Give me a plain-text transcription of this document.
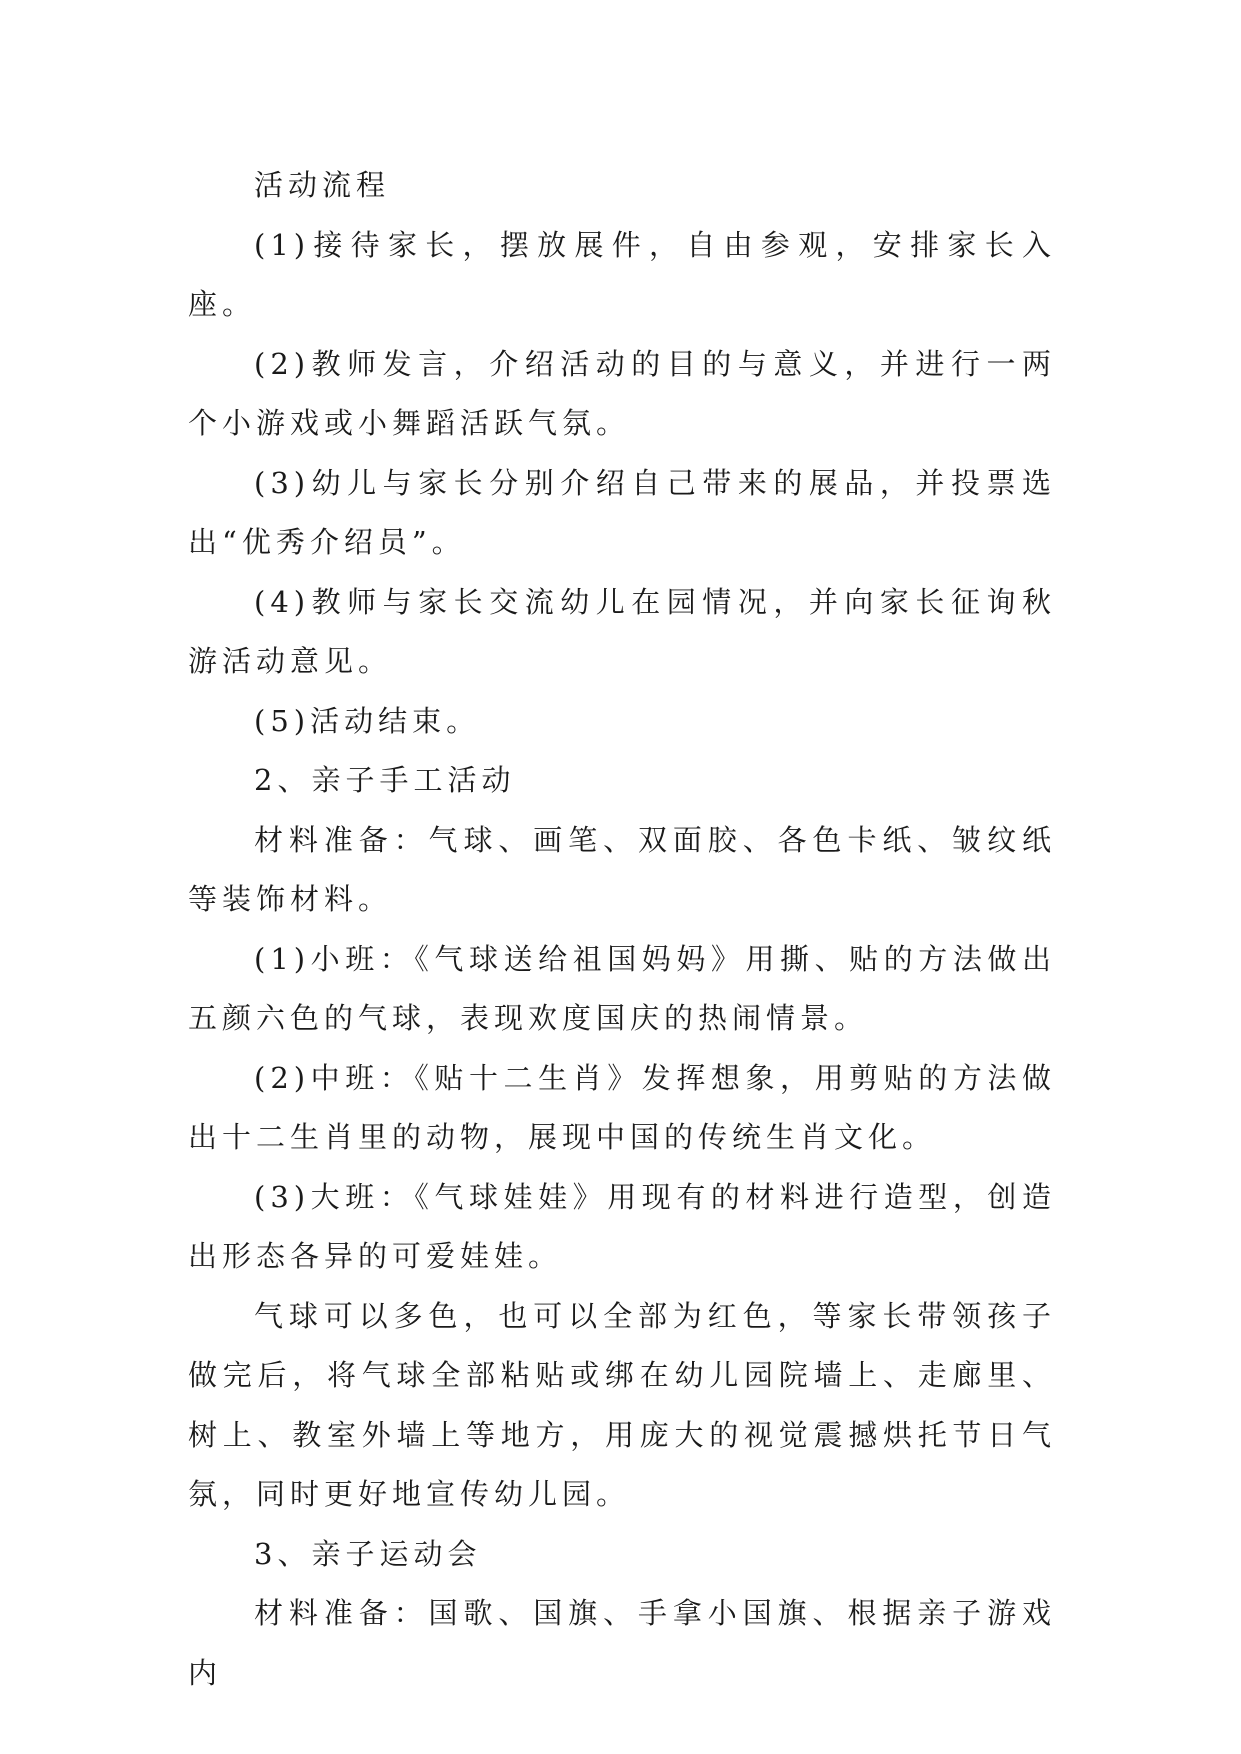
活动流程

(1)接待家长，摆放展件，自由参观，安排家长入座。

(2)教师发言，介绍活动的目的与意义，并进行一两个小游戏或小舞蹈活跃气氛。

(3)幼儿与家长分别介绍自己带来的展品，并投票选出“优秀介绍员”。

(4)教师与家长交流幼儿在园情况，并向家长征询秋游活动意见。

(5)活动结束。

2、亲子手工活动

材料准备：气球、画笔、双面胶、各色卡纸、皱纹纸等装饰材料。

(1)小班：《气球送给祖国妈妈》用撕、贴的方法做出五颜六色的气球，表现欢度国庆的热闹情景。

(2)中班：《贴十二生肖》发挥想象，用剪贴的方法做出十二生肖里的动物，展现中国的传统生肖文化。

(3)大班：《气球娃娃》用现有的材料进行造型，创造出形态各异的可爱娃娃。

气球可以多色，也可以全部为红色，等家长带领孩子做完后，将气球全部粘贴或绑在幼儿园院墙上、走廊里、树上、教室外墙上等地方，用庞大的视觉震撼烘托节日气氛，同时更好地宣传幼儿园。

3、亲子运动会

材料准备：国歌、国旗、手拿小国旗、根据亲子游戏内
